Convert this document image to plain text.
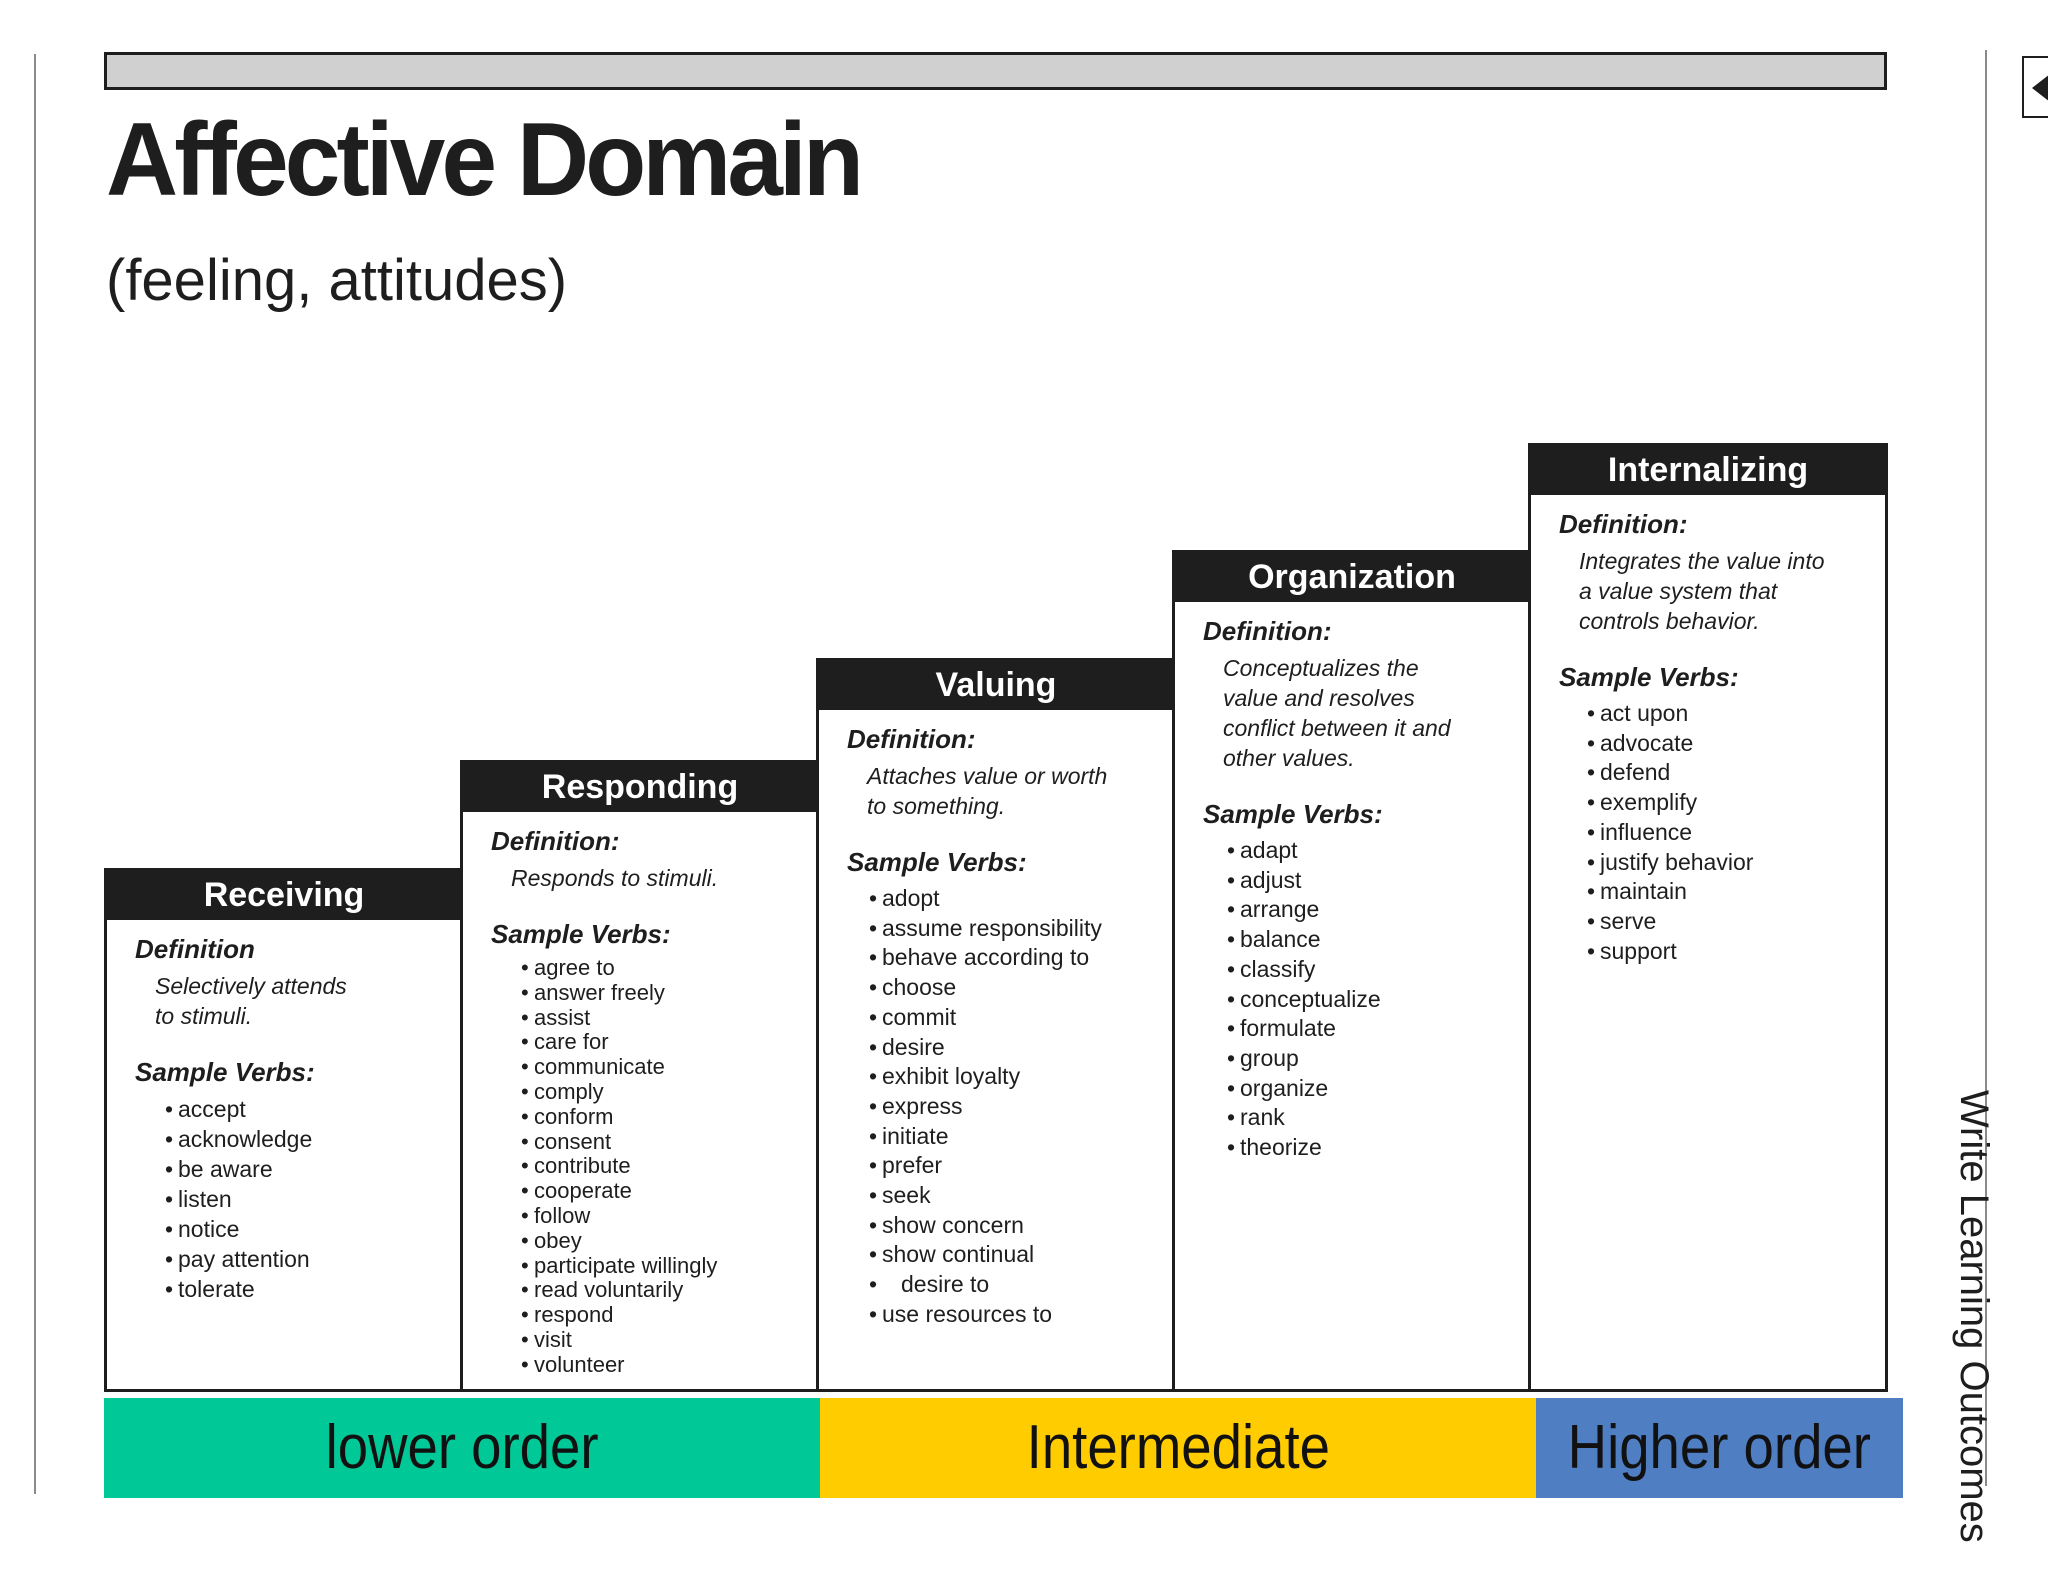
Affective Domain
(feeling, attitudes)
Receiving

Definition

Selectively attends
to stimuli.

Sample Verbs:

• accept
• acknowledge
• be aware
• listen
• notice
• pay attention
• tolerate
Responding

Definition:

Responds to stimuli.

Sample Verbs:

• agree to
• answer freely
• assist
• care for
• communicate
• comply
• conform
• consent
• contribute
• cooperate
• follow
• obey
• participate willingly
• read voluntarily
• respond
• visit
• volunteer
Valuing

Definition:

Attaches value or worth
to something.

Sample Verbs:

• adopt
• assume responsibility
• behave according to
• choose
• commit
• desire
• exhibit loyalty
• express
• initiate
• prefer
• seek
• show concern
• show continual
• desire to
• use resources to
Organization

Definition:

Conceptualizes the
value and resolves
conflict between it and
other values.

Sample Verbs:

• adapt
• adjust
• arrange
• balance
• classify
• conceptualize
• formulate
• group
• organize
• rank
• theorize
Internalizing

Definition:

Integrates the value into
a value system that
controls behavior.

Sample Verbs:

• act upon
• advocate
• defend
• exemplify
• influence
• justify behavior
• maintain
• serve
• support
lower order	Intermediate	Higher order	Write Learning Outcomes
